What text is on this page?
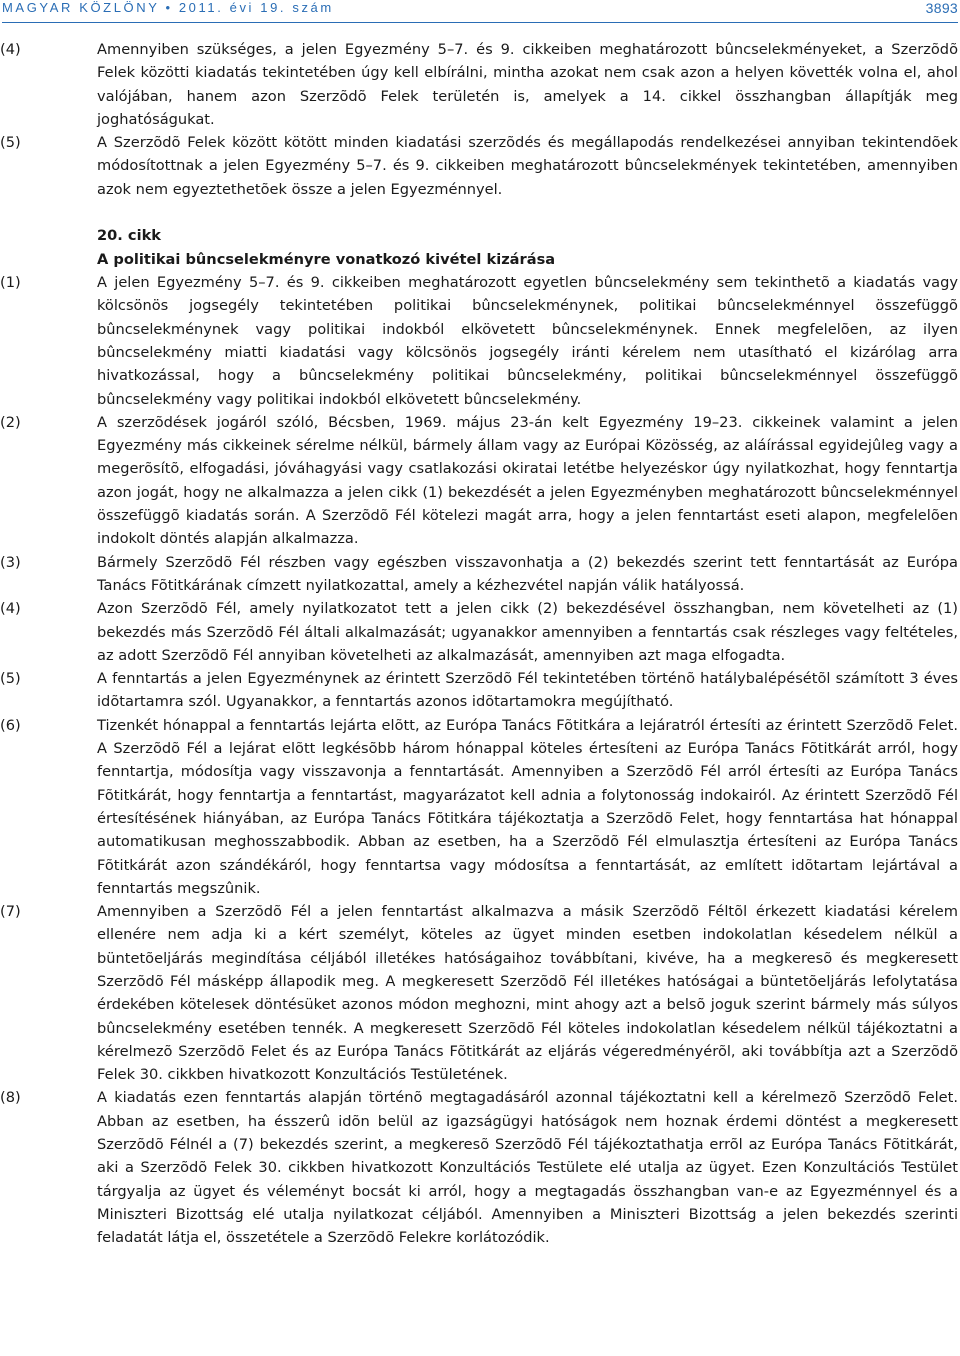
MAGYAR KÖZLÖNY • 2011. évi 19. szám	3893
(4)	Amennyiben szükséges, a jelen Egyezmény 5–7. és 9. cikkeiben meghatározott bûncselekményeket, a Szerzõdõ Felek közötti kiadatás tekintetében úgy kell elbírálni, mintha azokat nem csak azon a helyen követték volna el, ahol valójában, hanem azon Szerzõdõ Felek területén is, amelyek a 14. cikkel összhangban állapítják meg joghatóságukat.
(5)	A Szerzõdõ Felek között kötött minden kiadatási szerzõdés és megállapodás rendelkezései annyiban tekintendõek módosítottnak a jelen Egyezmény 5–7. és 9. cikkeiben meghatározott bûncselekmények tekintetében, amennyiben azok nem egyeztethetõek össze a jelen Egyezménnyel.
20. cikk
A politikai bûncselekményre vonatkozó kivétel kizárása
(1)	A jelen Egyezmény 5–7. és 9. cikkeiben meghatározott egyetlen bûncselekmény sem tekinthetõ a kiadatás vagy kölcsönös jogsegély tekintetében politikai bûncselekménynek, politikai bûncselekménnyel összefüggõ bûncselekménynek vagy politikai indokból elkövetett bûncselekménynek. Ennek megfelelõen, az ilyen bûncselekmény miatti kiadatási vagy kölcsönös jogsegély iránti kérelem nem utasítható el kizárólag arra hivatkozással, hogy a bûncselekmény politikai bûncselekmény, politikai bûncselekménnyel összefüggõ bûncselekmény vagy politikai indokból elkövetett bûncselekmény.
(2)	A szerzõdések jogáról szóló, Bécsben, 1969. május 23-án kelt Egyezmény 19–23. cikkeinek valamint a jelen Egyezmény más cikkeinek sérelme nélkül, bármely állam vagy az Európai Közösség, az aláírással egyidejûleg vagy a megerõsítõ, elfogadási, jóváhagyási vagy csatlakozási okiratai letétbe helyezéskor úgy nyilatkozhat, hogy fenntartja azon jogát, hogy ne alkalmazza a jelen cikk (1) bekezdését a jelen Egyezményben meghatározott bûncselekménnyel összefüggõ kiadatás során. A Szerzõdõ Fél kötelezi magát arra, hogy a jelen fenntartást eseti alapon, megfelelõen indokolt döntés alapján alkalmazza.
(3)	Bármely Szerzõdõ Fél részben vagy egészben visszavonhatja a (2) bekezdés szerint tett fenntartását az Európa Tanács Fõtitkárának címzett nyilatkozattal, amely a kézhezvétel napján válik hatályossá.
(4)	Azon Szerzõdõ Fél, amely nyilatkozatot tett a jelen cikk (2) bekezdésével összhangban, nem követelheti az (1) bekezdés más Szerzõdõ Fél általi alkalmazását; ugyanakkor amennyiben a fenntartás csak részleges vagy feltételes, az adott Szerzõdõ Fél annyiban követelheti az alkalmazását, amennyiben azt maga elfogadta.
(5)	A fenntartás a jelen Egyezménynek az érintett Szerzõdõ Fél tekintetében történõ hatálybalépésétõl számított 3 éves idõtartamra szól. Ugyanakkor, a fenntartás azonos idõtartamokra megújítható.
(6)	Tizenkét hónappal a fenntartás lejárta elõtt, az Európa Tanács Fõtitkára a lejáratról értesíti az érintett Szerzõdõ Felet. A Szerzõdõ Fél a lejárat elõtt legkésõbb három hónappal köteles értesíteni az Európa Tanács Fõtitkárát arról, hogy fenntartja, módosítja vagy visszavonja a fenntartását. Amennyiben a Szerzõdõ Fél arról értesíti az Európa Tanács Fõtitkárát, hogy fenntartja a fenntartást, magyarázatot kell adnia a folytonosság indokairól. Az érintett Szerzõdõ Fél értesítésének hiányában, az Európa Tanács Fõtitkára tájékoztatja a Szerzõdõ Felet, hogy fenntartása hat hónappal automatikusan meghosszabbodik. Abban az esetben, ha a Szerzõdõ Fél elmulasztja értesíteni az Európa Tanács Fõtitkárát azon szándékáról, hogy fenntartsa vagy módosítsa a fenntartását, az említett idõtartam lejártával a fenntartás megszûnik.
(7)	Amennyiben a Szerzõdõ Fél a jelen fenntartást alkalmazva a másik Szerzõdõ Féltõl érkezett kiadatási kérelem ellenére nem adja ki a kért személyt, köteles az ügyet minden esetben indokolatlan késedelem nélkül a büntetõeljárás megindítása céljából illetékes hatóságaihoz továbbítani, kivéve, ha a megkeresõ és megkeresett Szerzõdõ Fél másképp állapodik meg. A megkeresett Szerzõdõ Fél illetékes hatóságai a büntetõeljárás lefolytatása érdekében kötelesek döntésüket azonos módon meghozni, mint ahogy azt a belsõ joguk szerint bármely más súlyos bûncselekmény esetében tennék. A megkeresett Szerzõdõ Fél köteles indokolatlan késedelem nélkül tájékoztatni a kérelmezõ Szerzõdõ Felet és az Európa Tanács Fõtitkárát az eljárás végeredményérõl, aki továbbítja azt a Szerzõdõ Felek 30. cikkben hivatkozott Konzultációs Testületének.
(8)	A kiadatás ezen fenntartás alapján történõ megtagadásáról azonnal tájékoztatni kell a kérelmezõ Szerzõdõ Felet. Abban az esetben, ha ésszerû idõn belül az igazságügyi hatóságok nem hoznak érdemi döntést a megkeresett Szerzõdõ Félnél a (7) bekezdés szerint, a megkeresõ Szerzõdõ Fél tájékoztathatja errõl az Európa Tanács Fõtitkárát, aki a Szerzõdõ Felek 30. cikkben hivatkozott Konzultációs Testülete elé utalja az ügyet. Ezen Konzultációs Testület tárgyalja az ügyet és véleményt bocsát ki arról, hogy a megtagadás összhangban van-e az Egyezménnyel és a Miniszteri Bizottság elé utalja nyilatkozat céljából. Amennyiben a Miniszteri Bizottság a jelen bekezdés szerinti feladatát látja el, összetétele a Szerzõdõ Felekre korlátozódik.
